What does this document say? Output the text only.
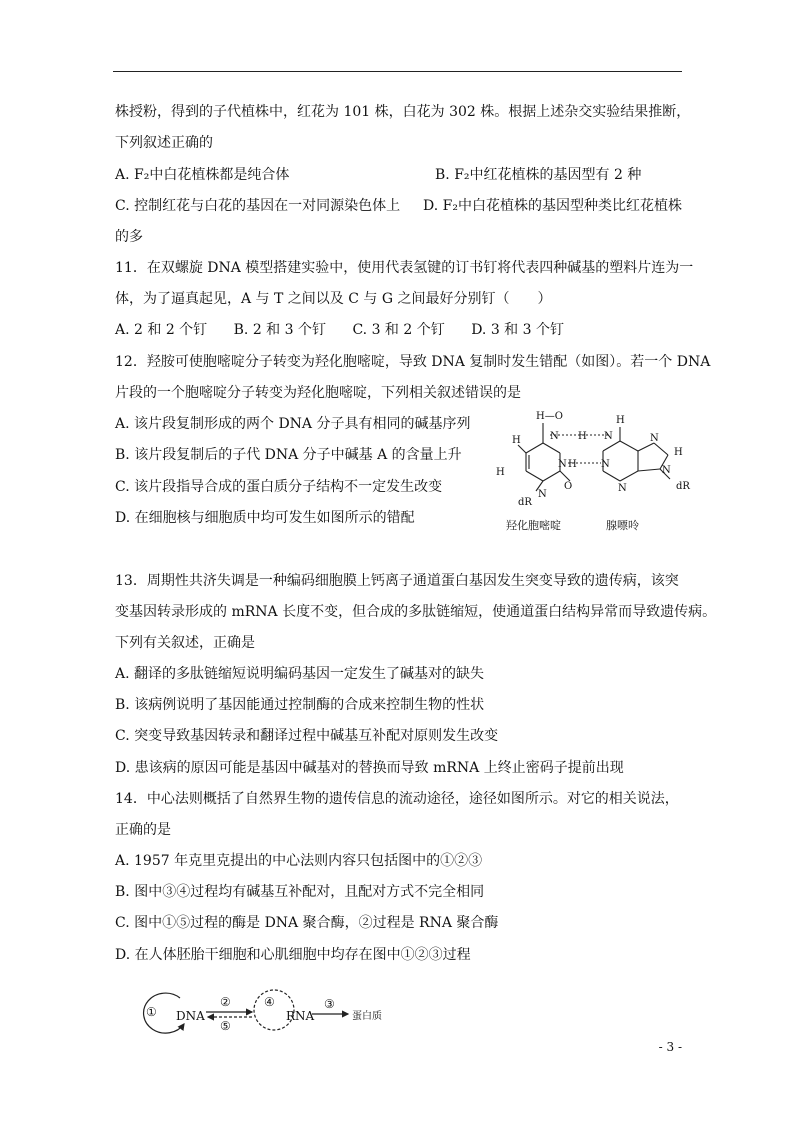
株授粉，得到的子代植株中，红花为 101 株，白花为 302 株。根据上述杂交实验结果推断，
下列叙述正确的
A. F₂中白花植株都是纯合体	B. F₂中红花植株的基因型有 2 种
C. 控制红花与白花的基因在一对同源染色体上 D. F₂中白花植株的基因型种类比红花植株
的多
11．在双螺旋 DNA 模型搭建实验中，使用代表氢键的订书钉将代表四种碱基的塑料片连为一
体，为了逼真起见，A 与 T 之间以及 C 与 G 之间最好分别钉（　　）
A. 2 和 2 个钉 B. 2 和 3 个钉 C. 3 和 2 个钉 D. 3 和 3 个钉
12．羟胺可使胞嘧啶分子转变为羟化胞嘧啶，导致 DNA 复制时发生错配（如图）。若一个 DNA
片段的一个胞嘧啶分子转变为羟化胞嘧啶，下列相关叙述错误的是
A. 该片段复制形成的两个 DNA 分子具有相同的碱基序列
B. 该片段复制后的子代 DNA 分子中碱基 A 的含量上升
C. 该片段指导合成的蛋白质分子结构不一定发生改变
D. 在细胞核与细胞质中均可发生如图所示的错配
H—O
N H N
H
H
H
N H N
N
O
dR
N
N
H
N
dR
羟化胞嘧啶	腺嘌呤
13．周期性共济失调是一种编码细胞膜上钙离子通道蛋白基因发生突变导致的遗传病，该突
变基因转录形成的 mRNA 长度不变，但合成的多肽链缩短，使通道蛋白结构异常而导致遗传病。
下列有关叙述，正确是
A. 翻译的多肽链缩短说明编码基因一定发生了碱基对的缺失
B. 该病例说明了基因能通过控制酶的合成来控制生物的性状
C. 突变导致基因转录和翻译过程中碱基互补配对原则发生改变
D. 患该病的原因可能是基因中碱基对的替换而导致 mRNA 上终止密码子提前出现
14．中心法则概括了自然界生物的遗传信息的流动途径，途径如图所示。对它的相关说法，
正确的是
A. 1957 年克里克提出的中心法则内容只包括图中的①②③
B. 图中③④过程均有碱基互补配对，且配对方式不完全相同
C. 图中①⑤过程的酶是 DNA 聚合酶，②过程是 RNA 聚合酶
D. 在人体胚胎干细胞和心肌细胞中均存在图中①②③过程
① DNA
②
⑤
④
RNA
③
蛋白质
- 3 -
